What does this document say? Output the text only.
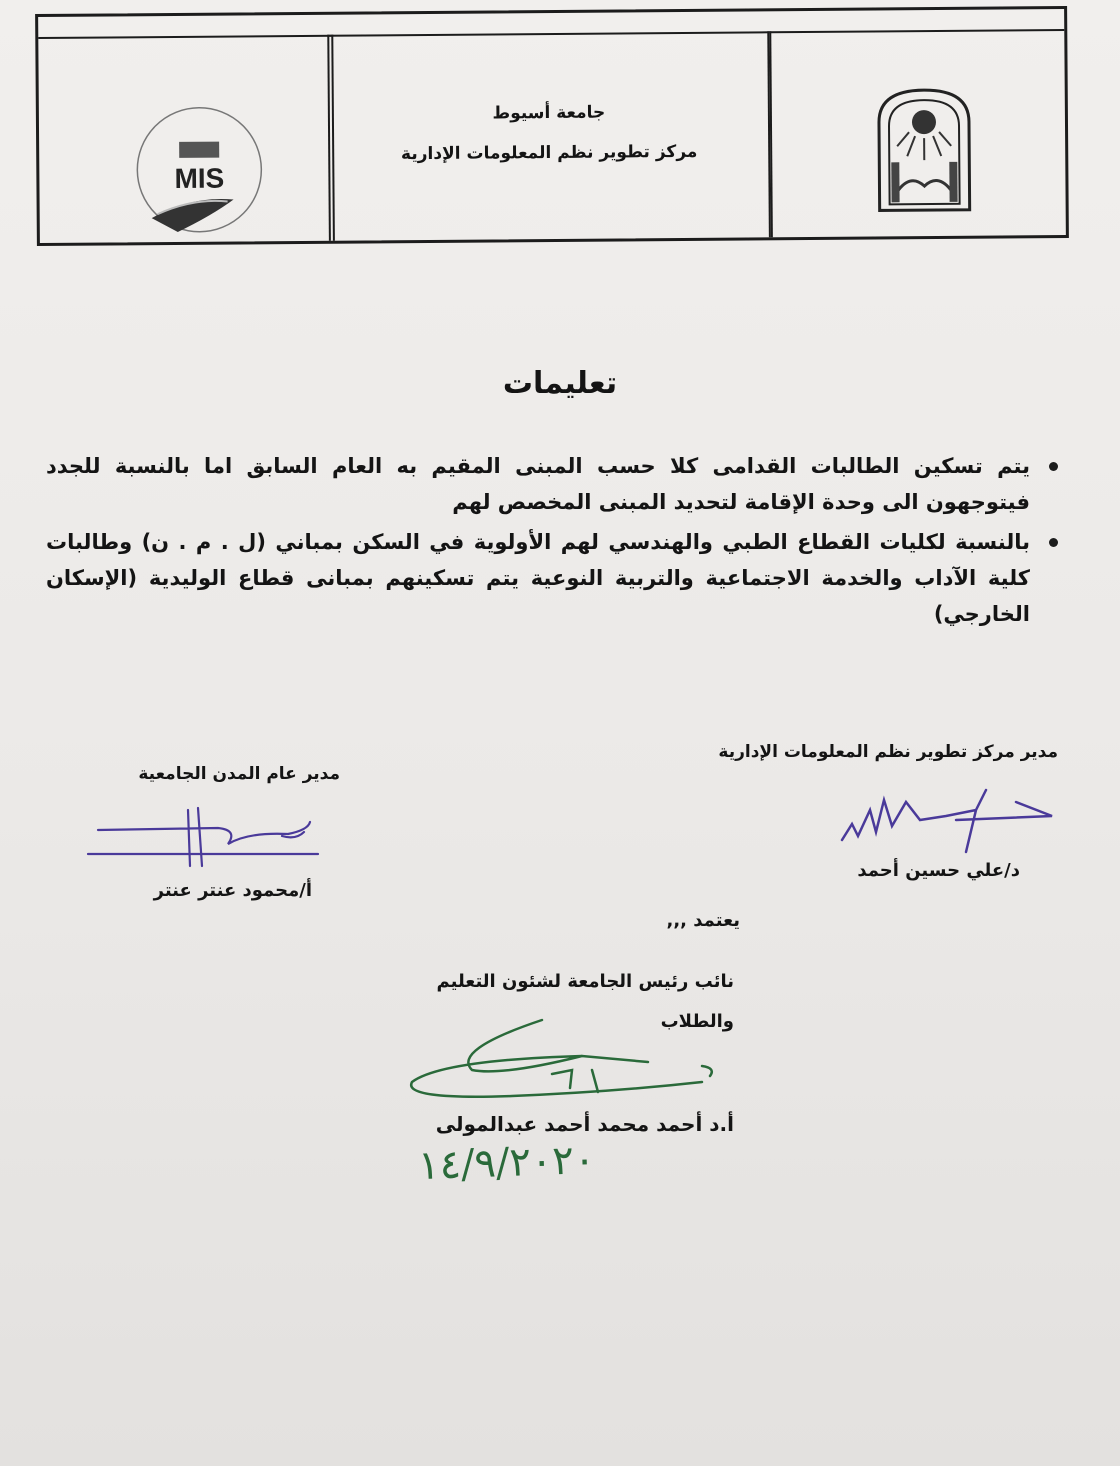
جامعة أسيوط
مركز تطوير نظم المعلومات الإدارية
MANAGEMENT INFORMATION SYSTEMS
MIS
تعليمات
يتم تسكين الطالبات القدامى كلا حسب المبنى المقيم به العام السابق اما بالنسبة للجدد فيتوجهون الى وحدة الإقامة لتحديد المبنى المخصص لهم
بالنسبة لكليات القطاع الطبي والهندسي لهم الأولوية في السكن بمباني (ل . م . ن) وطالبات كلية الآداب والخدمة الاجتماعية والتربية النوعية يتم تسكينهم بمبانى قطاع الوليدية (الإسكان الخارجي)
مدير مركز تطوير نظم المعلومات الإدارية
د/علي حسين أحمد
مدير عام المدن الجامعية
أ/محمود عنتر عنتر
يعتمد ,,,
نائب رئيس الجامعة لشئون التعليم والطلاب
أ.د أحمد محمد أحمد عبدالمولى
١٤/٩/٢٠٢٠
